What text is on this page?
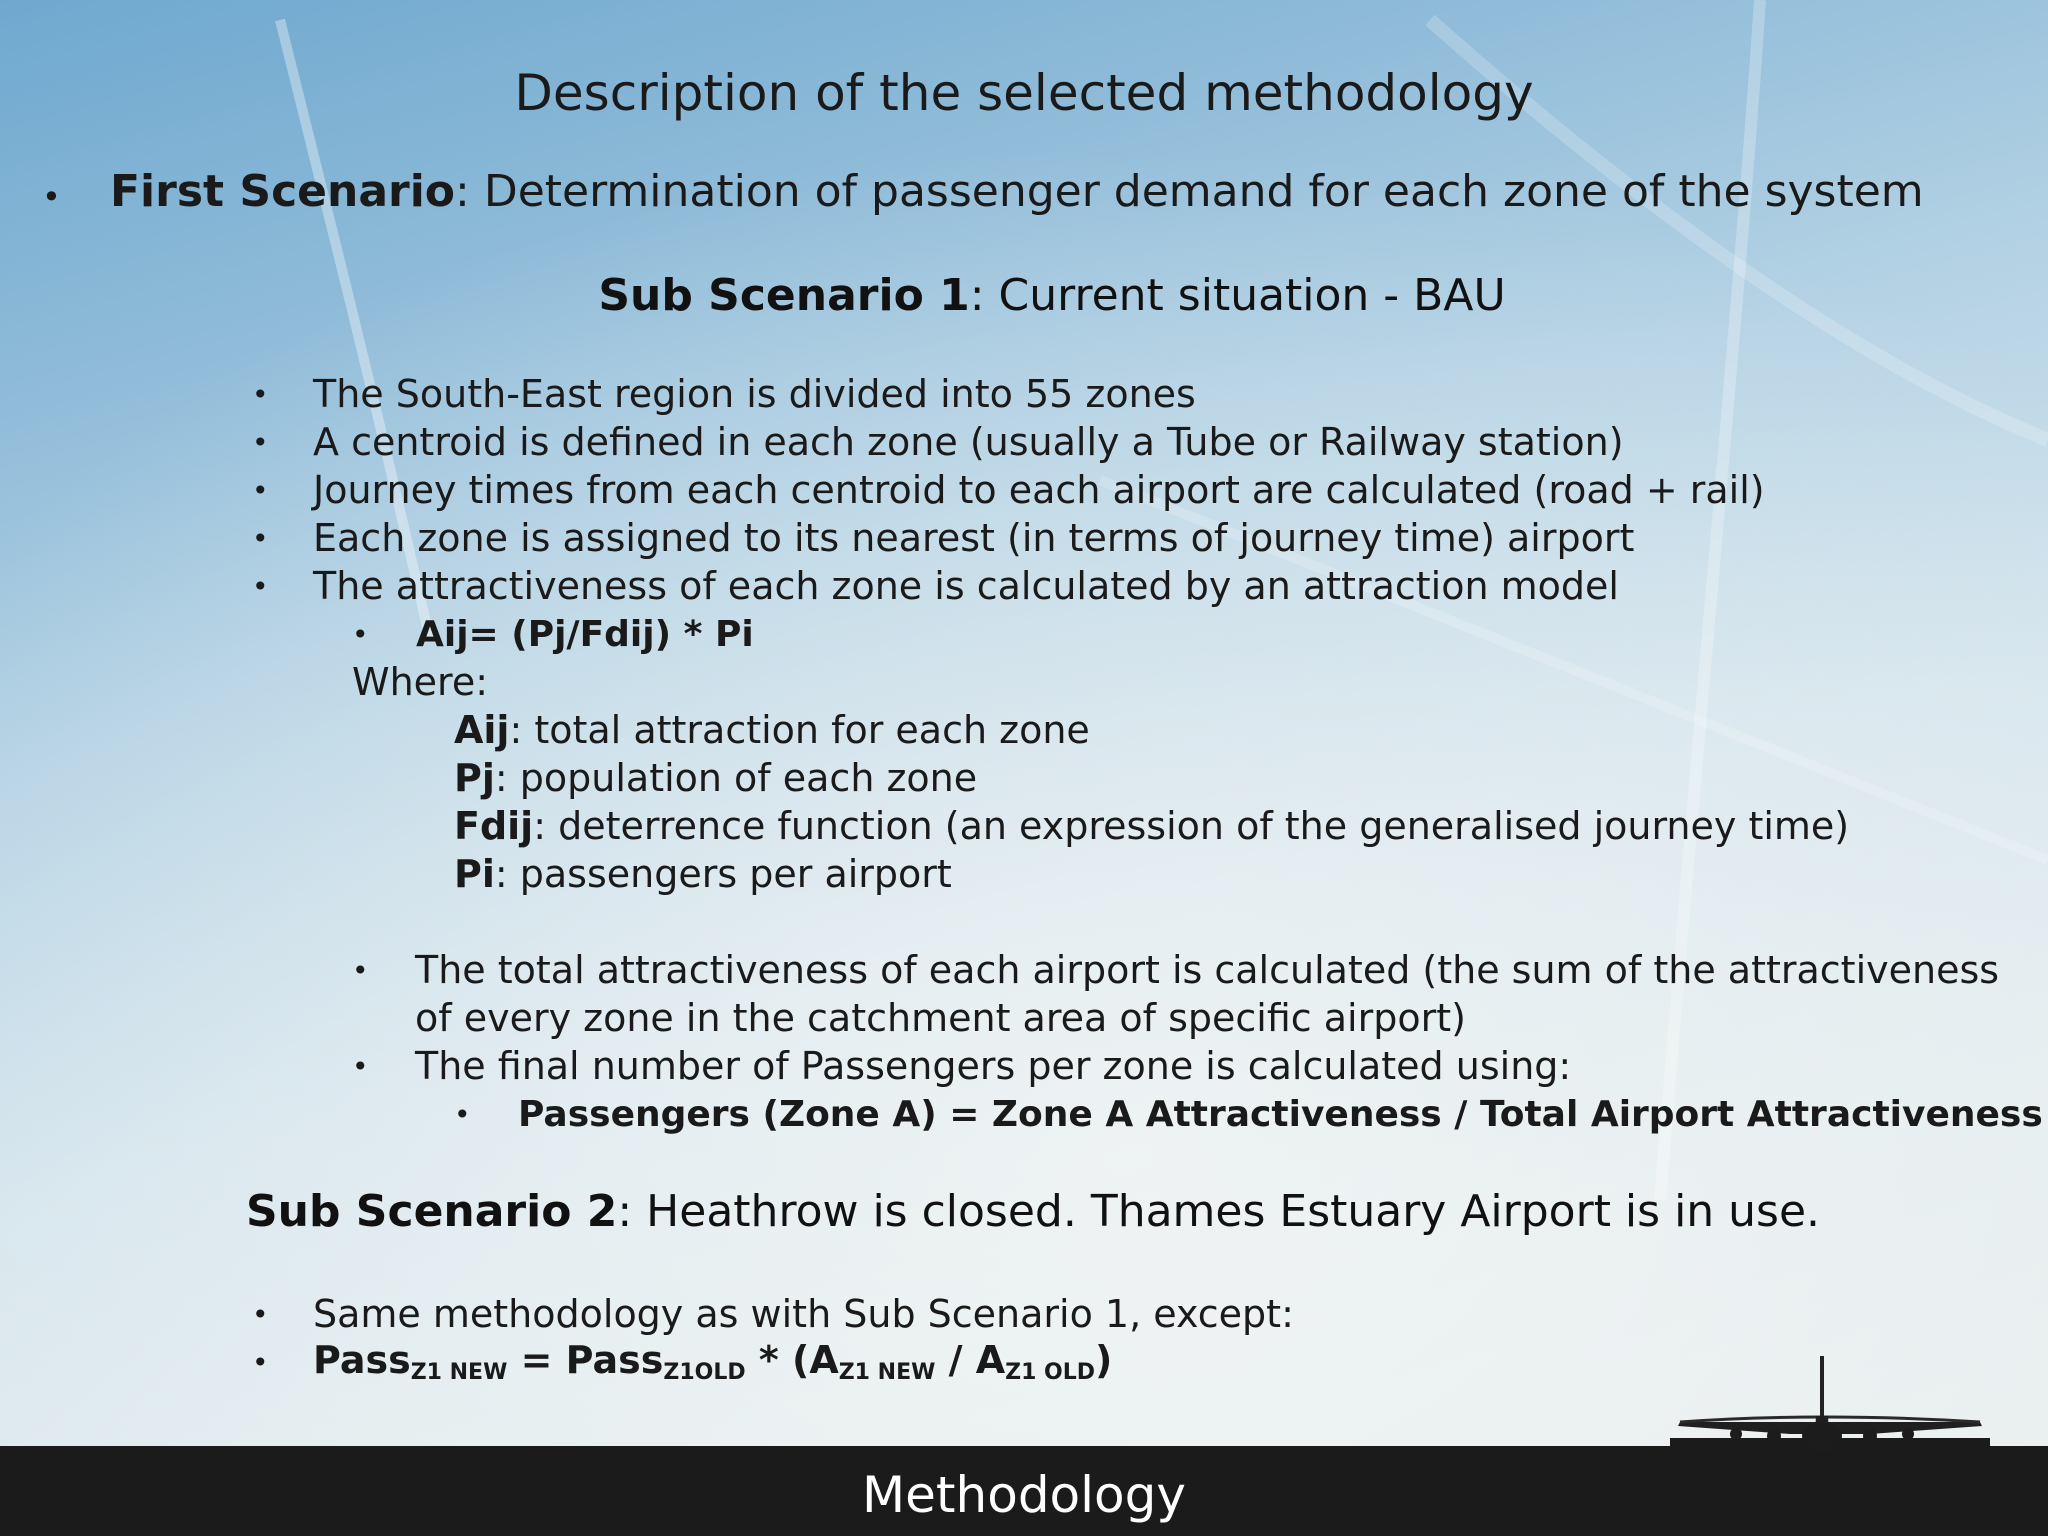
Description of the selected methodology
• First Scenario: Determination of passenger demand for each zone of the system
Sub Scenario 1: Current situation - BAU
• The South-East region is divided into 55 zones
• A centroid is defined in each zone (usually a Tube or Railway station)
• Journey times from each centroid to each airport are calculated (road + rail)
• Each zone is assigned to its nearest (in terms of journey time) airport
• The attractiveness of each zone is calculated by an attraction model
• Aij= (Pj/Fdij) * Pi
Where:
Aij: total attraction for each zone
Pj: population of each zone
Fdij: deterrence function (an expression of the generalised journey time)
Pi: passengers per airport
• The total attractiveness of each airport is calculated (the sum of the attractiveness
of every zone in the catchment area of specific airport)
• The final number of Passengers per zone is calculated using:
• Passengers (Zone A) = Zone A Attractiveness / Total Airport Attractiveness
Sub Scenario 2: Heathrow is closed. Thames Estuary Airport is in use.
• Same methodology as with Sub Scenario 1, except:
• Pass$_{Z1 NEW}$ = Pass$_{Z1OLD}$ * $(A_{Z1 NEW} / A_{Z1 OLD})$
Methodology
